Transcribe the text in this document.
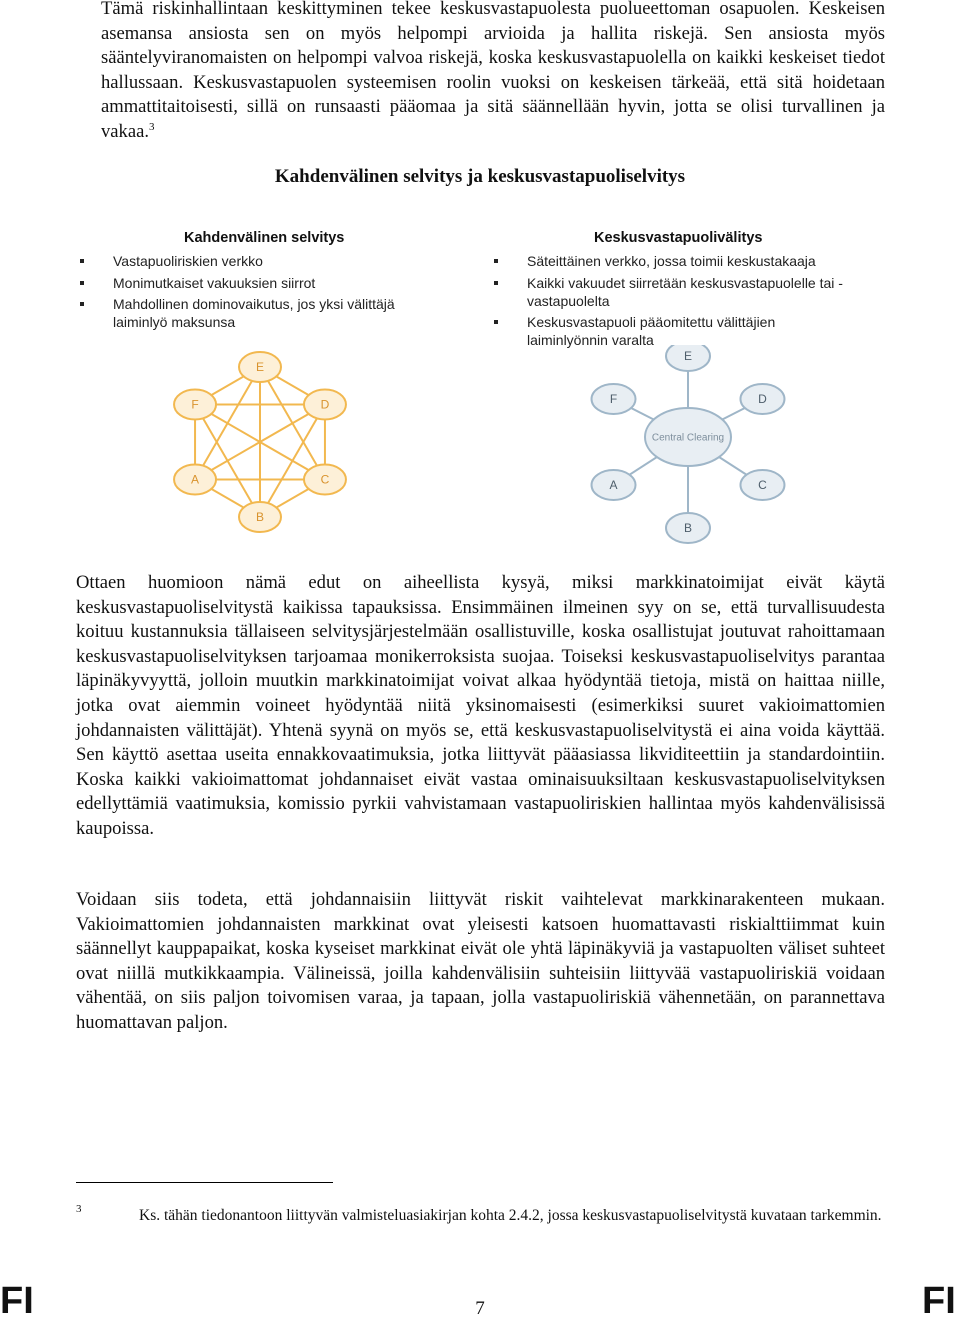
Tämä riskinhallintaan keskittyminen tekee keskusvastapuolesta puolueettoman osapuolen. Keskeisen asemansa ansiosta sen on myös helpompi arvioida ja hallita riskejä. Sen ansiosta myös sääntelyviranomaisten on helpompi valvoa riskejä, koska keskusvastapuolella on kaikki keskeiset tiedot hallussaan. Keskusvastapuolen systeemisen roolin vuoksi on keskeisen tärkeää, että sitä hoidetaan ammattitaitoisesti, sillä on runsaasti pääomaa ja sitä säännellään hyvin, jotta se olisi turvallinen ja vakaa.$^3$

Kahdenvälinen selvitys ja keskusvastapuoliselvitys
Kahdenvälinen selvitys
Vastapuoliriskien verkko
Monimutkaiset vakuuksien siirrot
Mahdollinen dominovaikutus, jos yksi välittäjä laiminlyö maksunsa
Keskusvastapuolivälitys
Säteittäinen verkko, jossa toimii keskustakaaja
Kaikki vakuudet siirretään keskusvastapuolelle tai -vastapuolelta
Keskusvastapuoli pääomitettu välittäjien laiminlyönnin varalta
E
D
C
B
A
F
Central Clearing
E
D
C
B
A
F

Ottaen huomioon nämä edut on aiheellista kysyä, miksi markkinatoimijat eivät käytä keskusvastapuoliselvitystä kaikissa tapauksissa. Ensimmäinen ilmeinen syy on se, että turvallisuudesta koituu kustannuksia tällaiseen selvitysjärjestelmään osallistuville, koska osallistujat joutuvat rahoittamaan keskusvastapuoliselvityksen tarjoamaa monikerroksista suojaa. Toiseksi keskusvastapuoliselvitys parantaa läpinäkyvyyttä, jolloin muutkin markkinatoimijat voivat alkaa hyödyntää tietoja, mistä on haittaa niille, jotka ovat aiemmin voineet hyödyntää niitä yksinomaisesti (esimerkiksi suuret vakioimattomien johdannaisten välittäjät). Yhtenä syynä on myös se, että keskusvastapuoliselvitystä ei aina voida käyttää. Sen käyttö asettaa useita ennakkovaatimuksia, jotka liittyvät pääasiassa likviditeettiin ja standardointiin. Koska kaikki vakioimattomat johdannaiset eivät vastaa ominaisuuksiltaan keskusvastapuoliselvityksen edellyttämiä vaatimuksia, komissio pyrkii vahvistamaan vastapuoliriskien hallintaa myös kahdenvälisissä kaupoissa.

Voidaan siis todeta, että johdannaisiin liittyvät riskit vaihtelevat markkinarakenteen mukaan. Vakioimattomien johdannaisten markkinat ovat yleisesti katsoen huomattavasti riskialttiimmat kuin säännellyt kauppapaikat, koska kyseiset markkinat eivät ole yhtä läpinäkyviä ja vastapuolten väliset suhteet ovat niillä mutkikkaampia. Välineissä, joilla kahdenvälisiin suhteisiin liittyvää vastapuoliriskiä voidaan vähentää, on siis paljon toivomisen varaa, ja tapaan, jolla vastapuoliriskiä vähennetään, on parannettava huomattavan paljon.

3	Ks. tähän tiedonantoon liittyvän valmisteluasiakirjan kohta 2.4.2, jossa keskusvastapuoliselvitystä kuvataan tarkemmin.

FI	7	FI
